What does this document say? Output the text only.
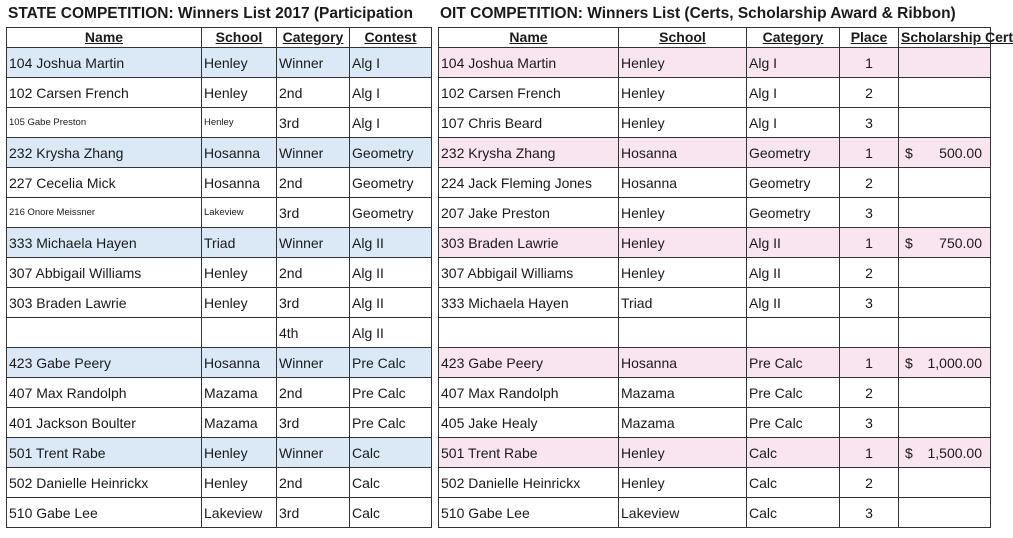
STATE COMPETITION: Winners List 2017 (Participation	OIT COMPETITION: Winners List (Certs, Scholarship Award & Ribbon)
Name	School	Category	Contest
104 Joshua Martin	Henley	Winner	Alg I
102 Carsen French	Henley	2nd	Alg I
105 Gabe Preston	Henley	3rd	Alg I
232 Krysha Zhang	Hosanna	Winner	Geometry
227 Cecelia Mick	Hosanna	2nd	Geometry
216 Onore Meissner	Lakeview	3rd	Geometry
333 Michaela Hayen	Triad	Winner	Alg II
307 Abbigail Williams	Henley	2nd	Alg II
303 Braden Lawrie	Henley	3rd	Alg II
		4th	Alg II
423 Gabe Peery	Hosanna	Winner	Pre Calc
407 Max Randolph	Mazama	2nd	Pre Calc
401 Jackson Boulter	Mazama	3rd	Pre Calc
501 Trent Rabe	Henley	Winner	Calc
502 Danielle Heinrickx	Henley	2nd	Calc
510 Gabe Lee	Lakeview	3rd	Calc
Name	School	Category	Place	Scholarship Cert
104 Joshua Martin	Henley	Alg I	1	

102 Carsen French	Henley	Alg I	2	

107 Chris Beard	Henley	Alg I	3	

232 Krysha Zhang	Hosanna	Geometry	1	$ 500.00

224 Jack Fleming Jones	Hosanna	Geometry	2	

207 Jake Preston	Henley	Geometry	3	

303 Braden Lawrie	Henley	Alg II	1	$ 750.00

307 Abbigail Williams	Henley	Alg II	2	

333 Michaela Hayen	Triad	Alg II	3	

423 Gabe Peery	Hosanna	Pre Calc	1	$ 1,000.00

407 Max Randolph	Mazama	Pre Calc	2	

405 Jake Healy	Mazama	Pre Calc	3	

501 Trent Rabe	Henley	Calc	1	$ 1,500.00

502 Danielle Heinrickx	Henley	Calc	2	

510 Gabe Lee	Lakeview	Calc	3	
